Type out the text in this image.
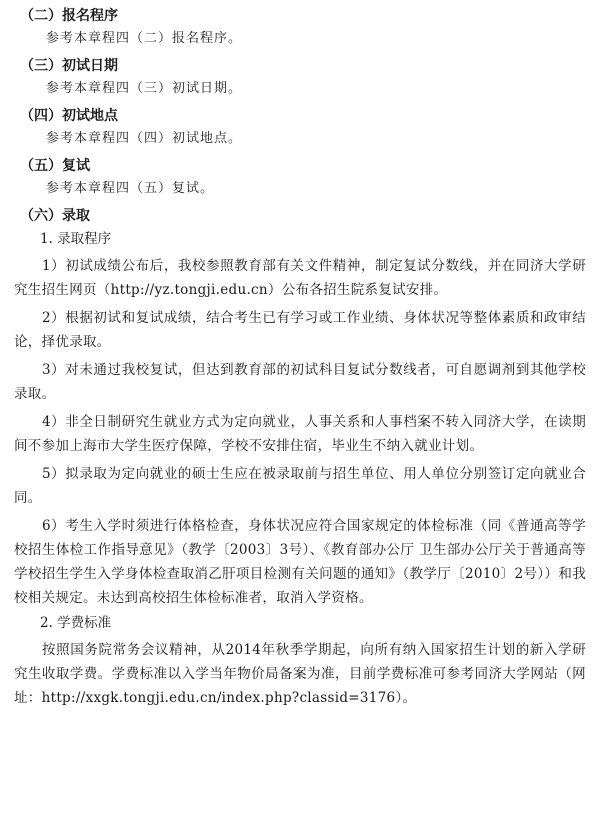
（二）报名程序

参考本章程四（二）报名程序。

（三）初试日期

参考本章程四（三）初试日期。

（四）初试地点

参考本章程四（四）初试地点。

（五）复试

参考本章程四（五）复试。

（六）录取

1. 录取程序

1）初试成绩公布后，我校参照教育部有关文件精神，制定复试分数线，并在同济大学研究生招生网页（http://yz.tongji.edu.cn）公布各招生院系复试安排。

2）根据初试和复试成绩，结合考生已有学习或工作业绩、身体状况等整体素质和政审结论，择优录取。

3）对未通过我校复试，但达到教育部的初试科目复试分数线者，可自愿调剂到其他学校录取。

4）非全日制研究生就业方式为定向就业，人事关系和人事档案不转入同济大学，在读期间不参加上海市大学生医疗保障，学校不安排住宿，毕业生不纳入就业计划。

5）拟录取为定向就业的硕士生应在被录取前与招生单位、用人单位分别签订定向就业合同。

6）考生入学时须进行体格检查，身体状况应符合国家规定的体检标准（同《普通高等学校招生体检工作指导意见》（教学〔2003〕3号）、《教育部办公厅 卫生部办公厅关于普通高等学校招生学生入学身体检查取消乙肝项目检测有关问题的通知》（教学厅〔2010〕2号））和我校相关规定。未达到高校招生体检标准者，取消入学资格。

2. 学费标准

按照国务院常务会议精神，从2014年秋季学期起，向所有纳入国家招生计划的新入学研究生收取学费。学费标准以入学当年物价局备案为准，目前学费标准可参考同济大学网站（网址：http://xxgk.tongji.edu.cn/index.php?classid=3176）。
